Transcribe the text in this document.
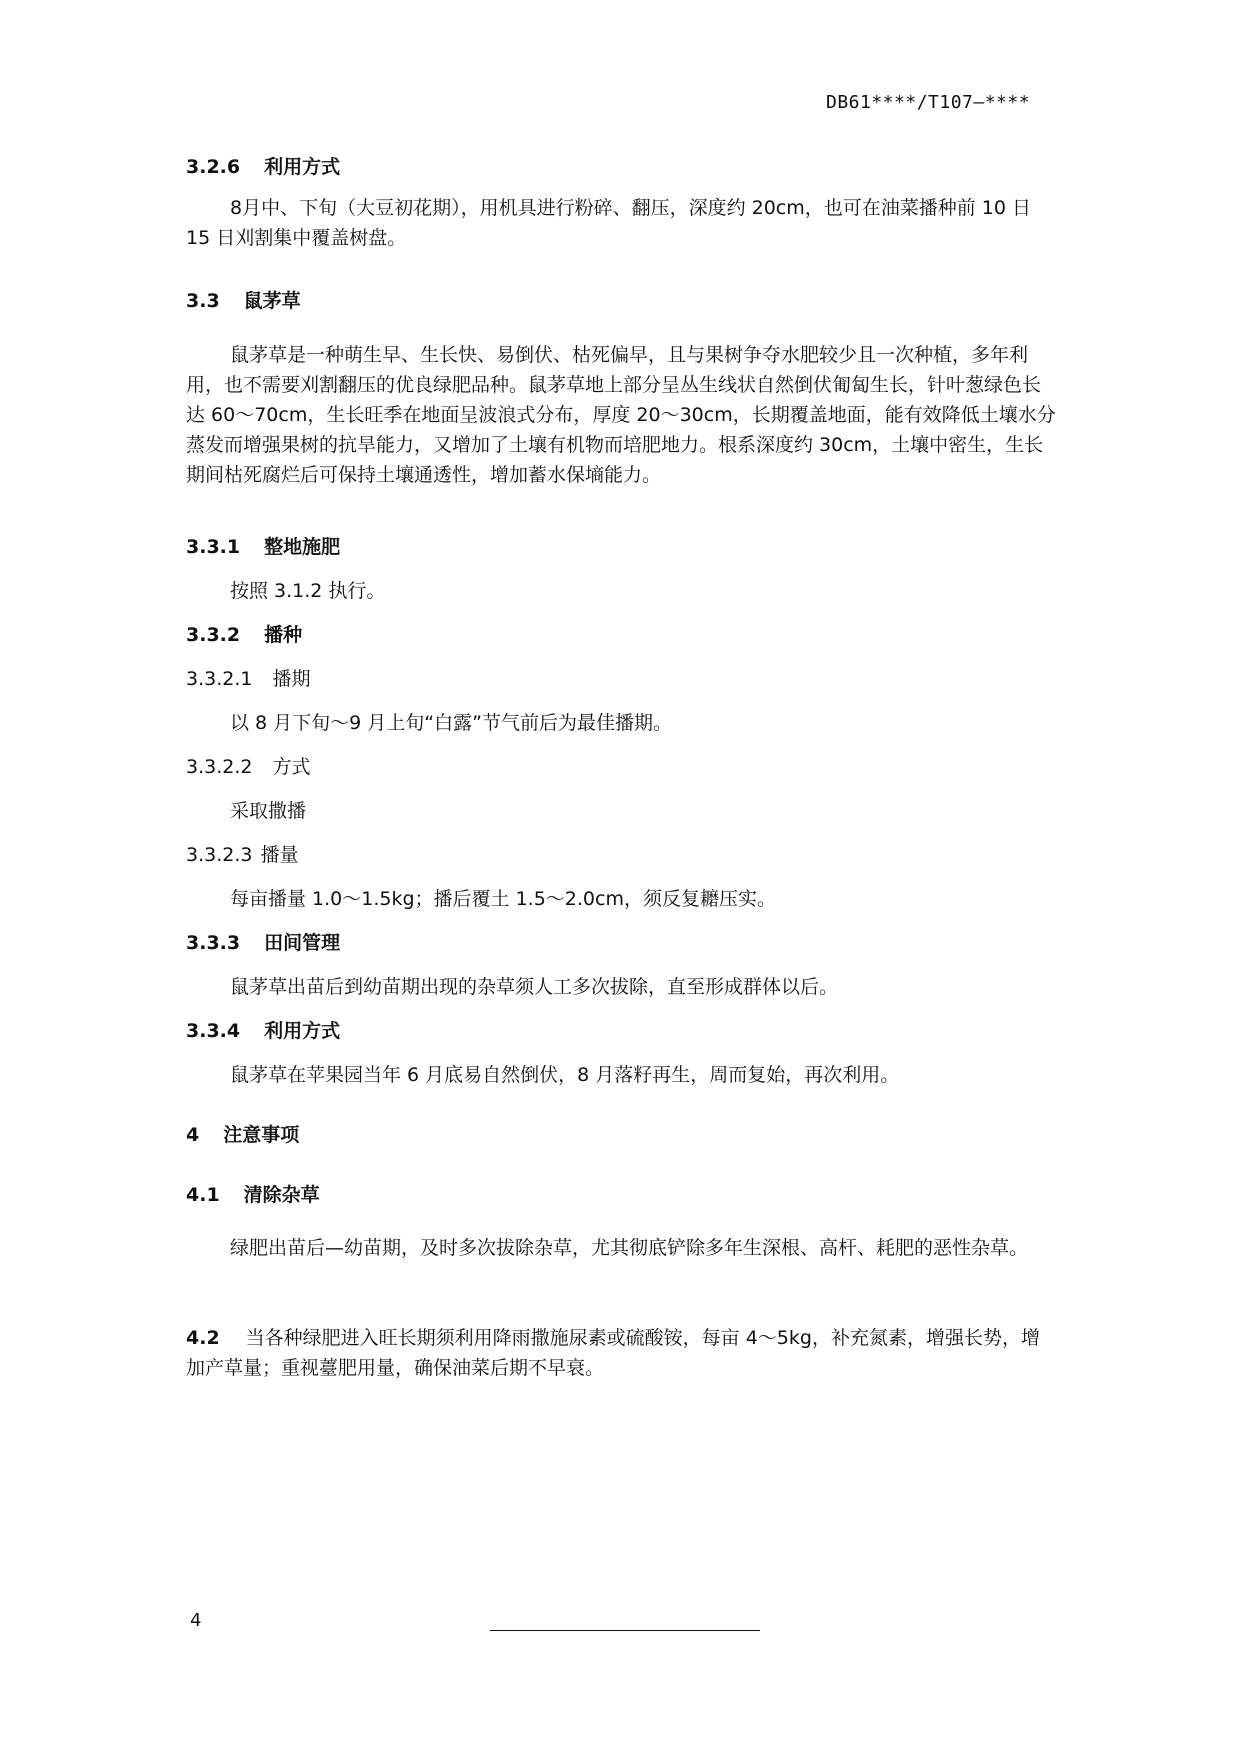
DB61****/T107—****
3.2.6 利用方式
8月中、下旬（大豆初花期），用机具进行粉碎、翻压，深度约 20cm，也可在油菜播种前 10 日 15 日刈割集中覆盖树盘。
3.3 鼠茅草
鼠茅草是一种萌生早、生长快、易倒伏、枯死偏早，且与果树争夺水肥较少且一次种植，多年利用，也不需要刈割翻压的优良绿肥品种。鼠茅草地上部分呈丛生线状自然倒伏匍匐生长，针叶葱绿色长达 60～70cm，生长旺季在地面呈波浪式分布，厚度 20～30cm，长期覆盖地面，能有效降低土壤水分蒸发而增强果树的抗旱能力，又增加了土壤有机物而培肥地力。根系深度约 30cm，土壤中密生，生长期间枯死腐烂后可保持土壤通透性，增加蓄水保墒能力。
3.3.1 整地施肥
按照 3.1.2 执行。
3.3.2 播种
3.3.2.1 播期
以 8 月下旬～9 月上旬“白露”节气前后为最佳播期。
3.3.2.2 方式
采取撒播
3.3.2.3 播量
每亩播量 1.0～1.5kg；播后覆土 1.5～2.0cm，须反复耱压实。
3.3.3 田间管理
鼠茅草出苗后到幼苗期出现的杂草须人工多次拔除，直至形成群体以后。
3.3.4 利用方式
鼠茅草在苹果园当年 6 月底易自然倒伏，8 月落籽再生，周而复始，再次利用。
4 注意事项
4.1 清除杂草
绿肥出苗后—幼苗期，及时多次拔除杂草，尤其彻底铲除多年生深根、高杆、耗肥的恶性杂草。
4.2 当各种绿肥进入旺长期须利用降雨撒施尿素或硫酸铵，每亩 4～5kg，补充氮素，增强长势，增加产草量；重视薹肥用量，确保油菜后期不早衰。
4
